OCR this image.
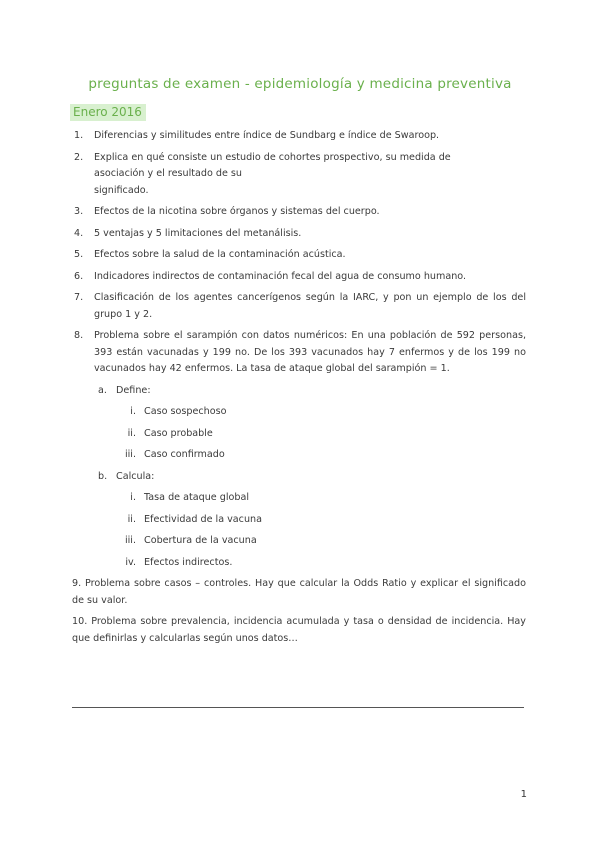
preguntas de examen - epidemiología y medicina preventiva
Enero 2016
1. Diferencias y similitudes entre índice de Sundbarg e índice de Swaroop.
2. Explica en qué consiste un estudio de cohortes prospectivo, su medida de
asociación y el resultado de su
significado.
3. Efectos de la nicotina sobre órganos y sistemas del cuerpo.
4. 5 ventajas y 5 limitaciones del metanálisis.
5. Efectos sobre la salud de la contaminación acústica.
6. Indicadores indirectos de contaminación fecal del agua de consumo humano.
7. Clasificación de los agentes cancerígenos según la IARC, y pon un ejemplo de los del grupo 1 y 2.
8. Problema sobre el sarampión con datos numéricos: En una población de 592 personas, 393 están vacunadas y 199 no. De los 393 vacunados hay 7 enfermos y de los 199 no vacunados hay 42 enfermos. La tasa de ataque global del sarampión = 1.
a. Define:
i. Caso sospechoso
ii. Caso probable
iii. Caso confirmado
b. Calcula:
i. Tasa de ataque global
ii. Efectividad de la vacuna
iii. Cobertura de la vacuna
iv. Efectos indirectos.
9. Problema sobre casos – controles. Hay que calcular la Odds Ratio y explicar el significado de su valor.
10. Problema sobre prevalencia, incidencia acumulada y tasa o densidad de incidencia. Hay que definirlas y calcularlas según unos datos…
1
